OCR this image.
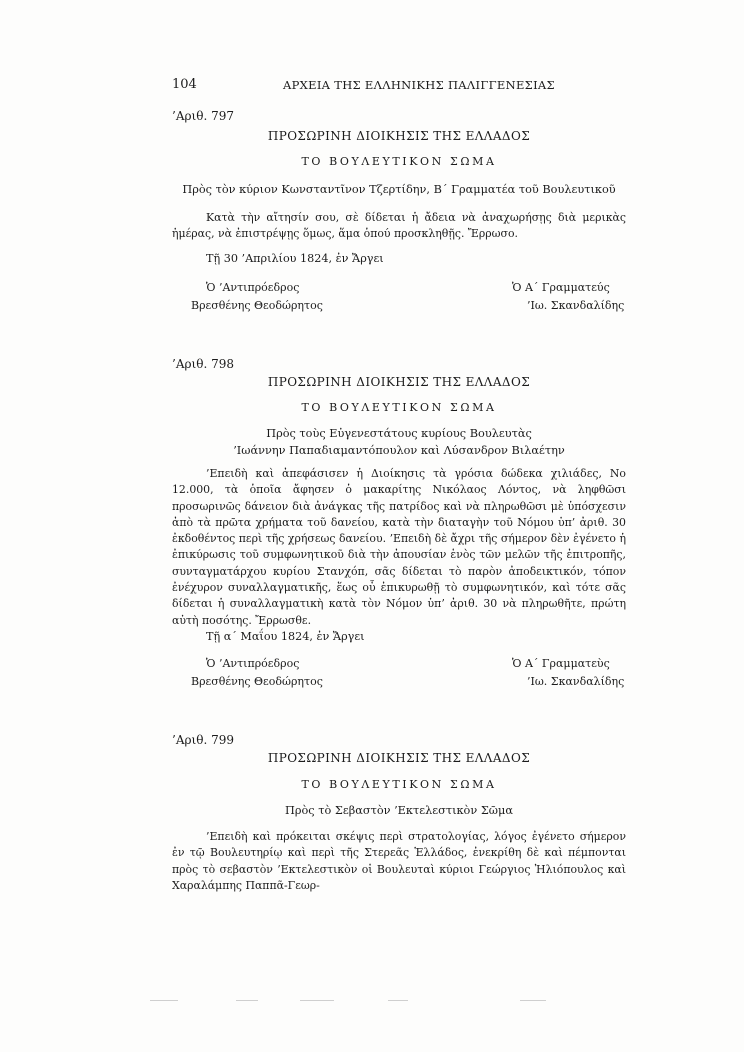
104	ΑΡΧΕΙΑ ΤΗΣ ΕΛΛΗΝΙΚΗΣ ΠΑΛΙΓΓΕΝΕΣΙΑΣ
’Αριθ. 797
ΠΡΟΣΩΡΙΝΗ ΔΙΟΙΚΗΣΙΣ ΤΗΣ ΕΛΛΑΔΟΣ
ΤΟ ΒΟΥΛΕΥΤΙΚΟΝ ΣΩΜΑ
Πρὸς τὸν κύριον Κωνσταντῖνον Τζερτίδην, Β΄ Γραμματέα τοῦ Βουλευτικοῦ

Κατὰ τὴν αἴτησίν σου, σὲ δίδεται ἡ ἄδεια νὰ ἀναχωρήσῃς διὰ μερικὰς ἡμέρας, νὰ ἐπιστρέψῃς ὅμως, ἅμα ὁπού προσκληθῇς. Ἔρρωσο.

Τῇ 30 ’Απριλίου 1824, ἐν Ἄργει
Ὁ ’Αντιπρόεδρος
Βρεσθένης Θεοδώρητος
Ὁ Α΄ Γραμματεύς
’Ιω. Σκανδαλίδης
’Αριθ. 798
ΠΡΟΣΩΡΙΝΗ ΔΙΟΙΚΗΣΙΣ ΤΗΣ ΕΛΛΑΔΟΣ
ΤΟ ΒΟΥΛΕΥΤΙΚΟΝ ΣΩΜΑ
Πρὸς τοὺς Εὐγενεστάτους κυρίους Βουλευτὰς
’Ιωάννην Παπαδιαμαντόπουλον καὶ Λύσανδρον Βιλαέτην

’Επειδὴ καὶ ἀπεφάσισεν ἡ Διοίκησις τὰ γρόσια δώδεκα χιλιάδες, Νο 12.000, τὰ ὁποῖα ἄφησεν ὁ μακαρίτης Νικόλαος Λόντος, νὰ ληφθῶσι προσωρινῶς δάνειον διὰ ἀνάγκας τῆς πατρίδος καὶ νὰ πληρωθῶσι μὲ ὑπόσχεσιν ἀπὸ τὰ πρῶτα χρήματα τοῦ δανείου, κατὰ τὴν διαταγὴν τοῦ Νόμου ὑπ’ ἀριθ. 30 ἐκδοθέντος περὶ τῆς χρήσεως δανείου. ’Επειδὴ δὲ ἄχρι τῆς σήμερον δὲν ἐγένετο ἡ ἐπικύρωσις τοῦ συμφωνητικοῦ διὰ τὴν ἀπουσίαν ἑνὸς τῶν μελῶν τῆς ἐπιτροπῆς, συνταγματάρχου κυρίου Στανχόπ, σᾶς δίδεται τὸ παρὸν ἀποδεικτικόν, τόπον ἐνέχυρον συναλλαγματικῆς, ἕως οὗ ἐπικυρωθῇ τὸ συμφωνητικόν, καὶ τότε σᾶς δίδεται ἡ συναλλαγματικὴ κατὰ τὸν Νόμον ὑπ’ ἀριθ. 30 νὰ πληρωθῆτε, πρώτη αὐτὴ ποσότης. Ἔρρωσθε.

Τῇ α΄ Μαΐου 1824, ἐν Ἄργει
Ὁ ’Αντιπρόεδρος
Βρεσθένης Θεοδώρητος
Ὁ Α΄ Γραμματεὺς
’Ιω. Σκανδαλίδης
’Αριθ. 799
ΠΡΟΣΩΡΙΝΗ ΔΙΟΙΚΗΣΙΣ ΤΗΣ ΕΛΛΑΔΟΣ
ΤΟ ΒΟΥΛΕΥΤΙΚΟΝ ΣΩΜΑ
Πρὸς τὸ Σεβαστὸν ’Εκτελεστικὸν Σῶμα

’Επειδὴ καὶ πρόκειται σκέψις περὶ στρατολογίας, λόγος ἐγένετο σήμερον ἐν τῷ Βουλευτηρίῳ καὶ περὶ τῆς Στερεᾶς Ἑλλάδος, ἐνεκρίθη δὲ καὶ πέμπονται πρὸς τὸ σεβαστὸν ’Εκτελεστικὸν οἱ Βουλευταὶ κύριοι Γεώργιος Ἡλιόπουλος καὶ Χαραλάμπης Παππᾶ-Γεωρ-
